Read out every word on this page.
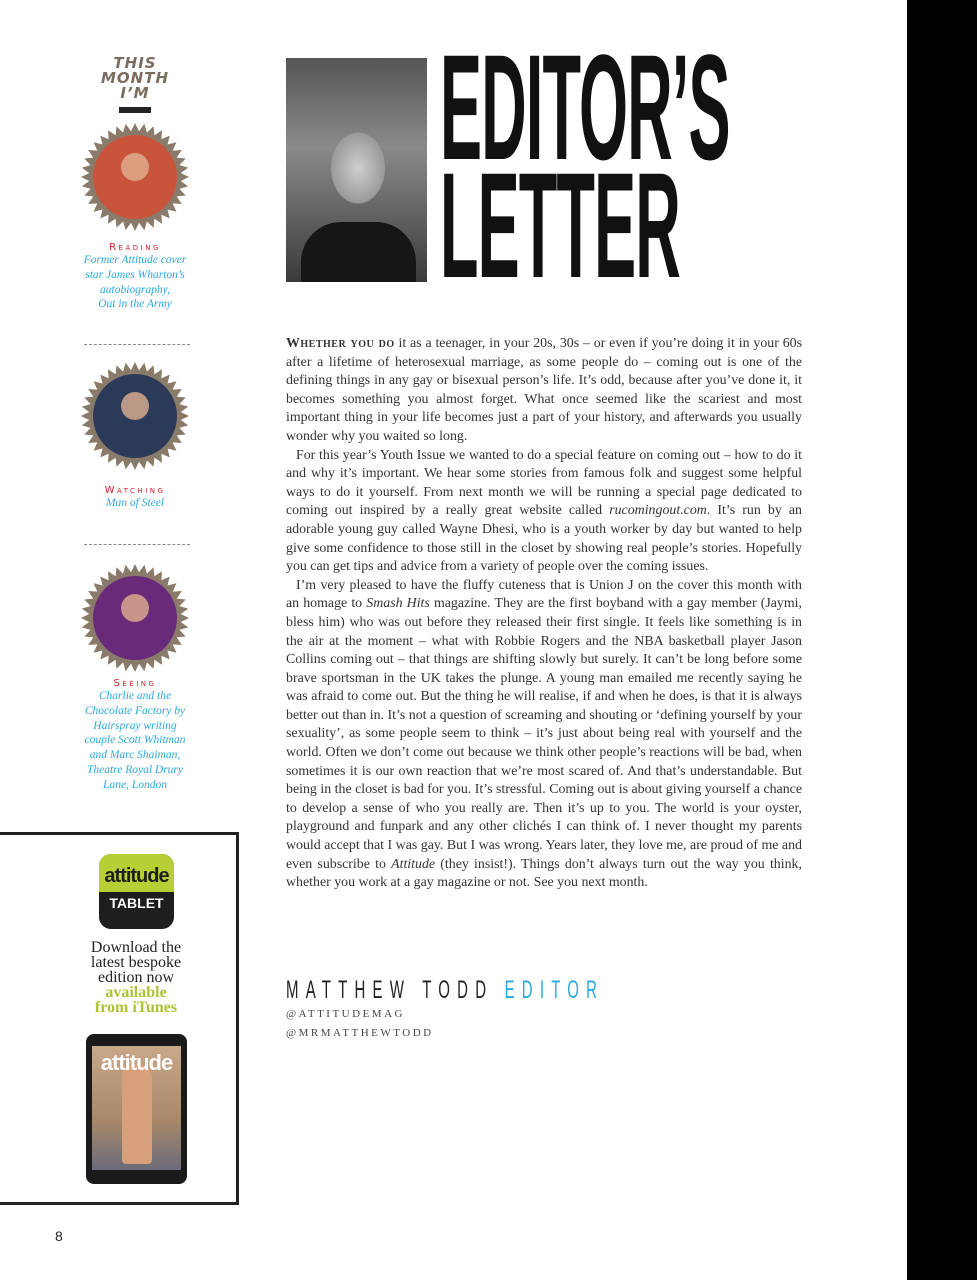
THIS
MONTH
I’M
Reading
Former Attitude cover
star James Wharton’s
autobiography,
Out in the Army
Watching
Man of Steel
Seeing
Charlie and the
Chocolate Factory by
Hairspray writing
couple Scott Whitman
and Marc Shaiman,
Theatre Royal Drury
Lane, London
attitude
TABLET
Download the
latest bespoke
edition now
available
from iTunes
attitude
8
EDITOR’S
LETTER

Whether you do it as a teenager, in your 20s, 30s – or even if you’re doing it in your 60s after a lifetime of heterosexual marriage, as some people do – coming out is one of the defining things in any gay or bisexual person’s life. It’s odd, because after you’ve done it, it becomes something you almost forget. What once seemed like the scariest and most important thing in your life becomes just a part of your history, and afterwards you usually wonder why you waited so long.

For this year’s Youth Issue we wanted to do a special feature on coming out – how to do it and why it’s important. We hear some stories from famous folk and suggest some helpful ways to do it yourself. From next month we will be running a special page dedicated to coming out inspired by a really great website called rucomingout.com. It’s run by an adorable young guy called Wayne Dhesi, who is a youth worker by day but wanted to help give some confidence to those still in the closet by showing real people’s stories. Hopefully you can get tips and advice from a variety of people over the coming issues.

I’m very pleased to have the fluffy cuteness that is Union J on the cover this month with an homage to Smash Hits magazine. They are the first boyband with a gay member (Jaymi, bless him) who was out before they released their first single. It feels like something is in the air at the moment – what with Robbie Rogers and the NBA basketball player Jason Collins coming out – that things are shifting slowly but surely. It can’t be long before some brave sportsman in the UK takes the plunge. A young man emailed me recently saying he was afraid to come out. But the thing he will realise, if and when he does, is that it is always better out than in. It’s not a question of screaming and shouting or ‘defining yourself by your sexuality’, as some people seem to think – it’s just about being real with yourself and the world. Often we don’t come out because we think other people’s reactions will be bad, when sometimes it is our own reaction that we’re most scared of. And that’s understandable. But being in the closet is bad for you. It’s stressful. Coming out is about giving yourself a chance to develop a sense of who you really are. Then it’s up to you. The world is your oyster, playground and funpark and any other clichés I can think of. I never thought my parents would accept that I was gay. But I was wrong. Years later, they love me, are proud of me and even subscribe to Attitude (they insist!). Things don’t always turn out the way you think, whether you work at a gay magazine or not. See you next month.

MATTHEW TODD EDITOR
@ATTITUDEMAG
@MRMATTHEWTODD
